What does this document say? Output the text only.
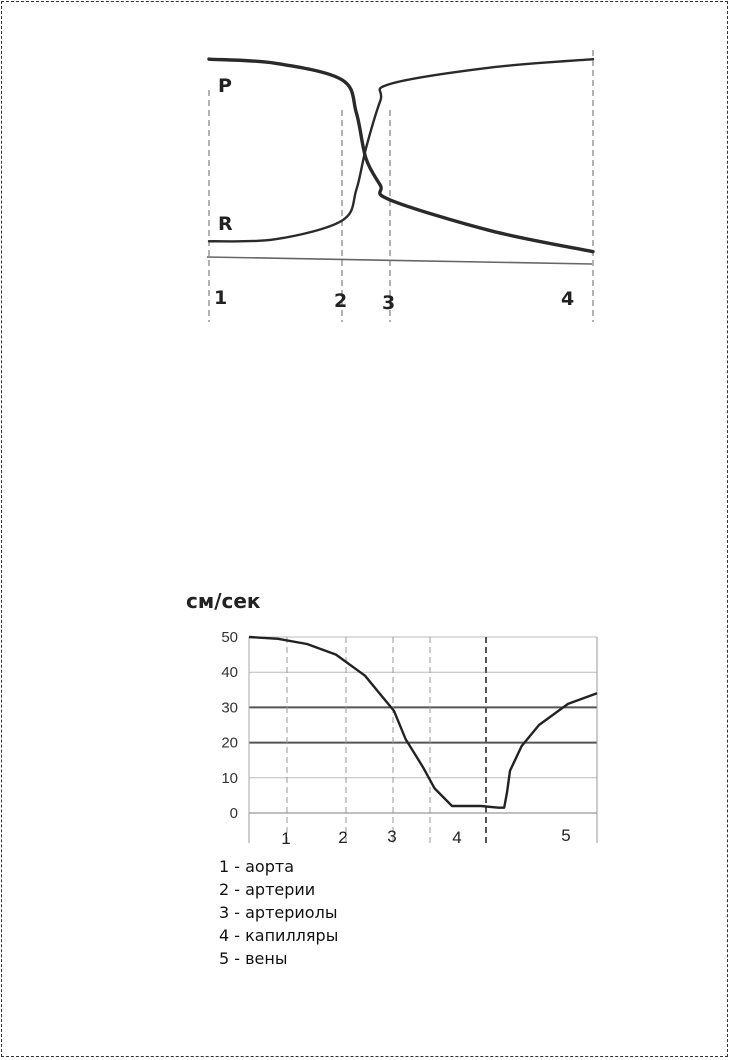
P
R
1	2 3	4
см/сек
0
10
20
30
40
50
1	2 3	4	5
1 - аорта
2 - артерии
3 - артериолы
4 - капилляры
5 - вены
